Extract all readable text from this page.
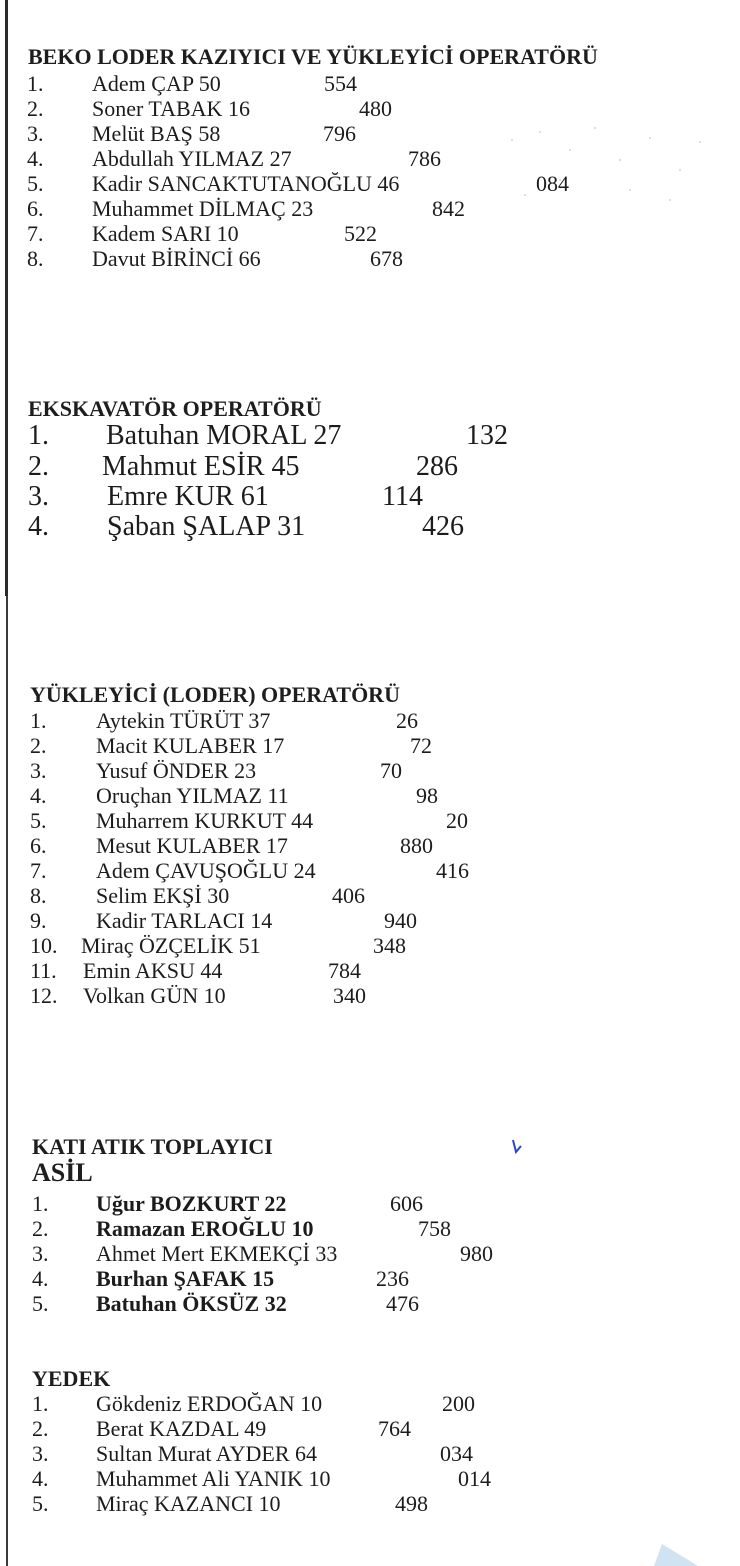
BEKO LODER KAZIYICI VE YÜKLEYİCİ OPERATÖRÜ
1. Adem ÇAP 50	554
2. Soner TABAK 16	480
3. Melüt BAŞ 58	796
4. Abdullah YILMAZ 27	786
5. Kadir SANCAKTUTANOĞLU 46	084
6. Muhammet DİLMAÇ 23	842
7. Kadem SARI 10	522
8. Davut BİRİNCİ 66	678
EKSKAVATÖR OPERATÖRÜ
1. Batuhan MORAL 27	132
2. Mahmut ESİR 45	286
3. Emre KUR 61	114
4. Şaban ŞALAP 31	426
YÜKLEYİCİ (LODER) OPERATÖRÜ
1. Aytekin TÜRÜT 37	26
2. Macit KULABER 17	72
3. Yusuf ÖNDER 23	70
4. Oruçhan YILMAZ 11	98
5. Muharrem KURKUT 44	20
6. Mesut KULABER 17	880
7. Adem ÇAVUŞOĞLU 24	416
8. Selim EKŞİ 30	406
9. Kadir TARLACI 14	940
10. Miraç ÖZÇELİK 51	348
11. Emin AKSU 44	784
12. Volkan GÜN 10	340
KATI ATIK TOPLAYICI
ASİL
1. Uğur BOZKURT 22	606
2. Ramazan EROĞLU 10	758
3. Ahmet Mert EKMEKÇİ 33	980
4. Burhan ŞAFAK 15	236
5. Batuhan ÖKSÜZ 32	476
YEDEK
1. Gökdeniz ERDOĞAN 10	200
2. Berat KAZDAL 49	764
3. Sultan Murat AYDER 64	034
4. Muhammet Ali YANIK 10	014
5. Miraç KAZANCI 10	498
